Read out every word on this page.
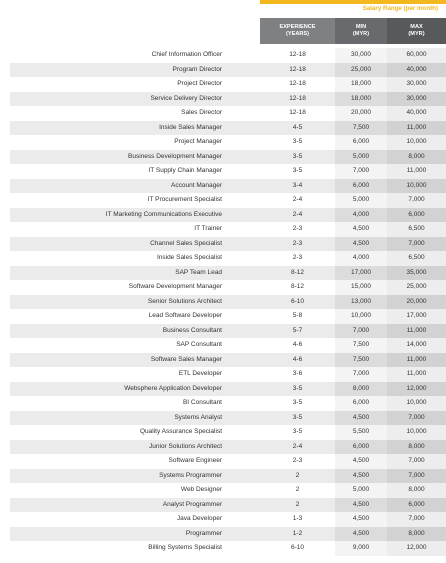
Salary Range (per month)
EXPERIENCE
(YEARS)
MIN
(MYR)
MAX
(MYR)
Chief Information Officer	12-18	30,000	60,000
Program Director	12-18	25,000	40,000
Project Director	12-18	18,000	30,000
Service Delivery Director	12-18	18,000	30,000
Sales Director	12-18	20,000	40,000
Inside Sales Manager	4-5	7,500	11,000
Project Manager	3-5	6,000	10,000
Business Development Manager	3-5	5,000	8,000
IT Supply Chain Manager	3-5	7,000	11,000
Account Manager	3-4	6,000	10,000
IT Procurement Specialist	2-4	5,000	7,000
IT Marketing Communications Executive	2-4	4,000	6,000
IT Trainer	2-3	4,500	6,500
Channel Sales Specialist	2-3	4,500	7,000
Inside Sales Specialist	2-3	4,000	6,500
SAP Team Lead	8-12	17,000	35,000
Software Development Manager	8-12	15,000	25,000
Senior Solutions Architect	6-10	13,000	20,000
Lead Software Developer	5-8	10,000	17,000
Business Consultant	5-7	7,000	11,000
SAP Consultant	4-6	7,500	14,000
Software Sales Manager	4-6	7,500	11,000
ETL Developer	3-6	7,000	11,000
Websphere Application Developer	3-5	8,000	12,000
BI Consultant	3-5	6,000	10,000
Systems Analyst	3-5	4,500	7,000
Quality Assurance Specialist	3-5	5,500	10,000
Junior Solutions Architect	2-4	6,000	8,000
Software Engineer	2-3	4,500	7,000
Systems Programmer	2	4,500	7,000
Web Designer	2	5,000	8,000
Analyst Programmer	2	4,500	6,000
Java Developer	1-3	4,500	7,000
Programmer	1-2	4,500	8,000
Billing Systems Specialist	6-10	9,000	12,000
